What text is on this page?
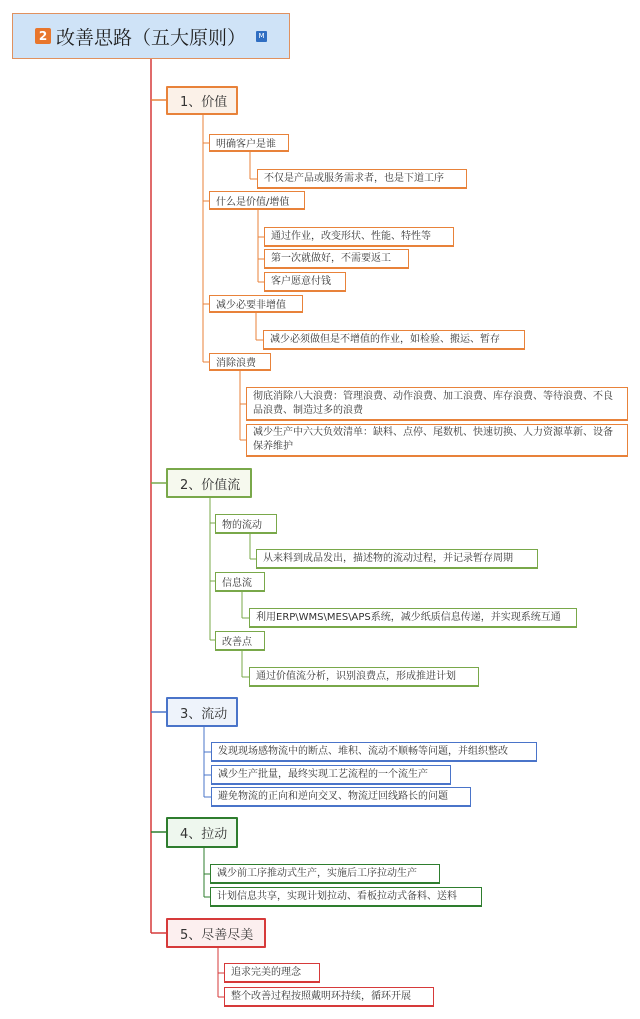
2 改善思路（五大原则）	M
1、价值
明确客户是谁
不仅是产品或服务需求者，也是下道工序
什么是价值/增值
通过作业，改变形状、性能、特性等
第一次就做好，不需要返工
客户愿意付钱
减少必要非增值
减少必须做但是不增值的作业，如检验、搬运、暂存
消除浪费
彻底消除八大浪费：管理浪费、动作浪费、加工浪费、库存浪费、等待浪费、不良品浪费、制造过多的浪费
减少生产中六大负效清单：缺料、点停、尾数机、快速切换、人力资源革新、设备保养维护
2、价值流
物的流动
从来料到成品发出，描述物的流动过程，并记录暂存周期
信息流
利用ERP\WMS\MES\APS系统，减少纸质信息传递，并实现系统互通
改善点
通过价值流分析，识别浪费点，形成推进计划
3、流动
发现现场感物流中的断点、堆积、流动不顺畅等问题，并组织整改
减少生产批量，最终实现工艺流程的一个流生产
避免物流的正向和逆向交叉、物流迂回线路长的问题
4、拉动
减少前工序推动式生产，实施后工序拉动生产
计划信息共享，实现计划拉动、看板拉动式备料、送料
5、尽善尽美
追求完美的理念
整个改善过程按照戴明环持续，循环开展
